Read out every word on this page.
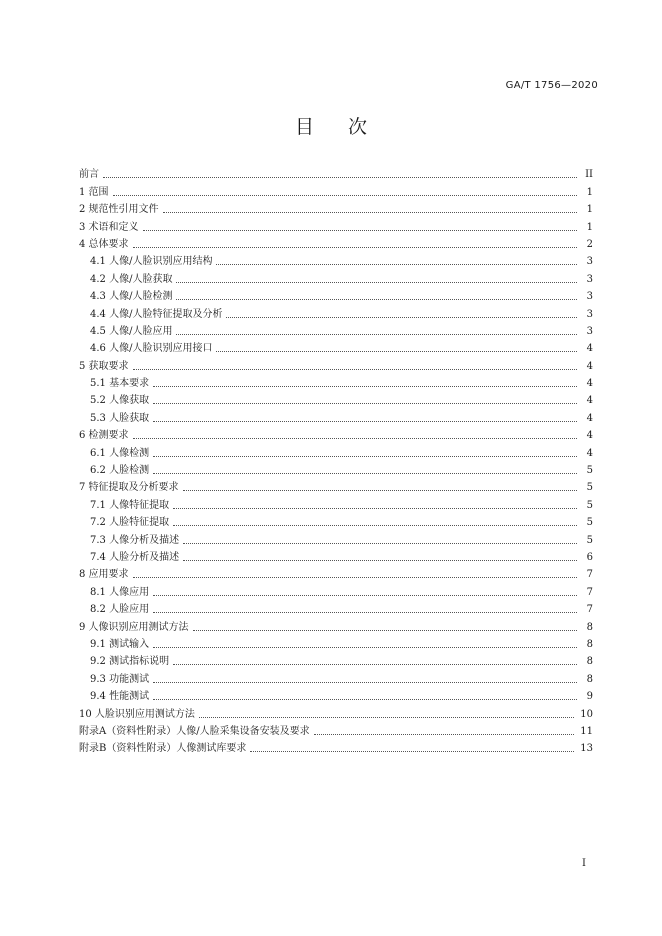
GA/T 1756—2020
目 次
前言	II
1 范围	1
2 规范性引用文件	1
3 术语和定义	1
4 总体要求	2
4.1 人像/人脸识别应用结构	3
4.2 人像/人脸获取	3
4.3 人像/人脸检测	3
4.4 人像/人脸特征提取及分析	3
4.5 人像/人脸应用	3
4.6 人像/人脸识别应用接口	4
5 获取要求	4
5.1 基本要求	4
5.2 人像获取	4
5.3 人脸获取	4
6 检测要求	4
6.1 人像检测	4
6.2 人脸检测	5
7 特征提取及分析要求	5
7.1 人像特征提取	5
7.2 人脸特征提取	5
7.3 人像分析及描述	5
7.4 人脸分析及描述	6
8 应用要求	7
8.1 人像应用	7
8.2 人脸应用	7
9 人像识别应用测试方法	8
9.1 测试输入	8
9.2 测试指标说明	8
9.3 功能测试	8
9.4 性能测试	9
10 人脸识别应用测试方法	10
附录A（资料性附录）人像/人脸采集设备安装及要求	11
附录B（资料性附录）人像测试库要求	13
I
